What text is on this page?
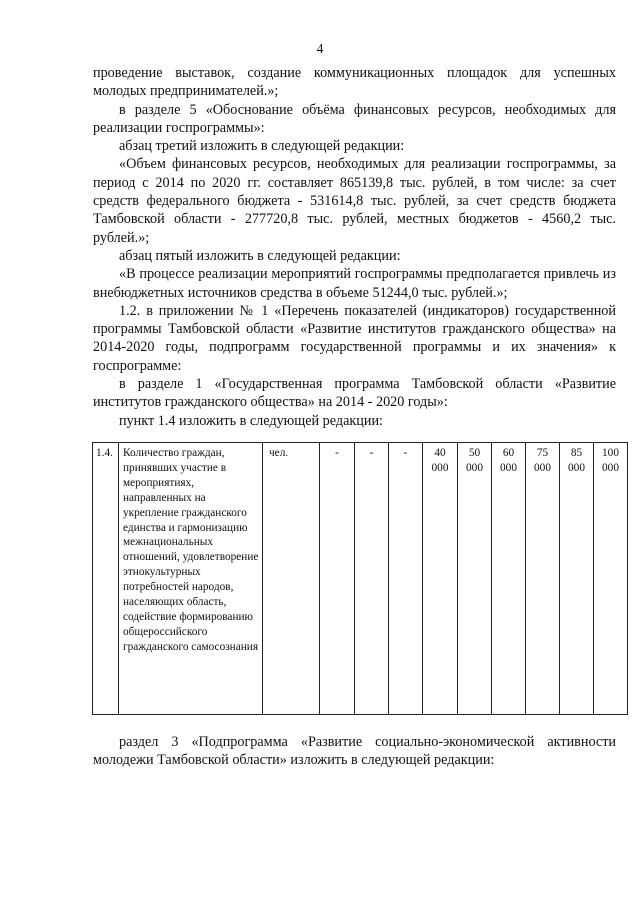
4

проведение выставок, создание коммуникационных площадок для успешных молодых предпринимателей.»;

в разделе 5 «Обоснование объёма финансовых ресурсов, необходимых для реализации госпрограммы»:

абзац третий изложить в следующей редакции:

«Объем финансовых ресурсов, необходимых для реализации госпрограммы, за период с 2014 по 2020 гг. составляет 865139,8 тыс. рублей, в том числе: за счет средств федерального бюджета - 531614,8 тыс. рублей, за счет средств бюджета Тамбовской области - 277720,8 тыс. рублей, местных бюджетов - 4560,2 тыс. рублей.»;

абзац пятый изложить в следующей редакции:

«В процессе реализации мероприятий госпрограммы предполагается привлечь из внебюджетных источников средства в объеме 51244,0 тыс. рублей.»;

1.2. в приложении № 1 «Перечень показателей (индикаторов) государственной программы Тамбовской области «Развитие институтов гражданского общества» на 2014-2020 годы, подпрограмм государственной программы и их значения» к госпрограмме:

в разделе 1 «Государственная программа Тамбовской области «Развитие институтов гражданского общества» на 2014 - 2020 годы»:

пункт 1.4 изложить в следующей редакции:

1.4.	Количество граждан, принявших участие в мероприятиях, направленных на укрепление гражданского единства и гармонизацию межнациональных отношений, удовлетворение этнокультурных потребностей народов, населяющих область, содействие формированию общероссийского гражданского самосознания	чел.	-	-	-	40 000	50 000	60 000	75 000	85 000	100 000

раздел 3 «Подпрограмма «Развитие социально-экономической активности молодежи Тамбовской области» изложить в следующей редакции:
